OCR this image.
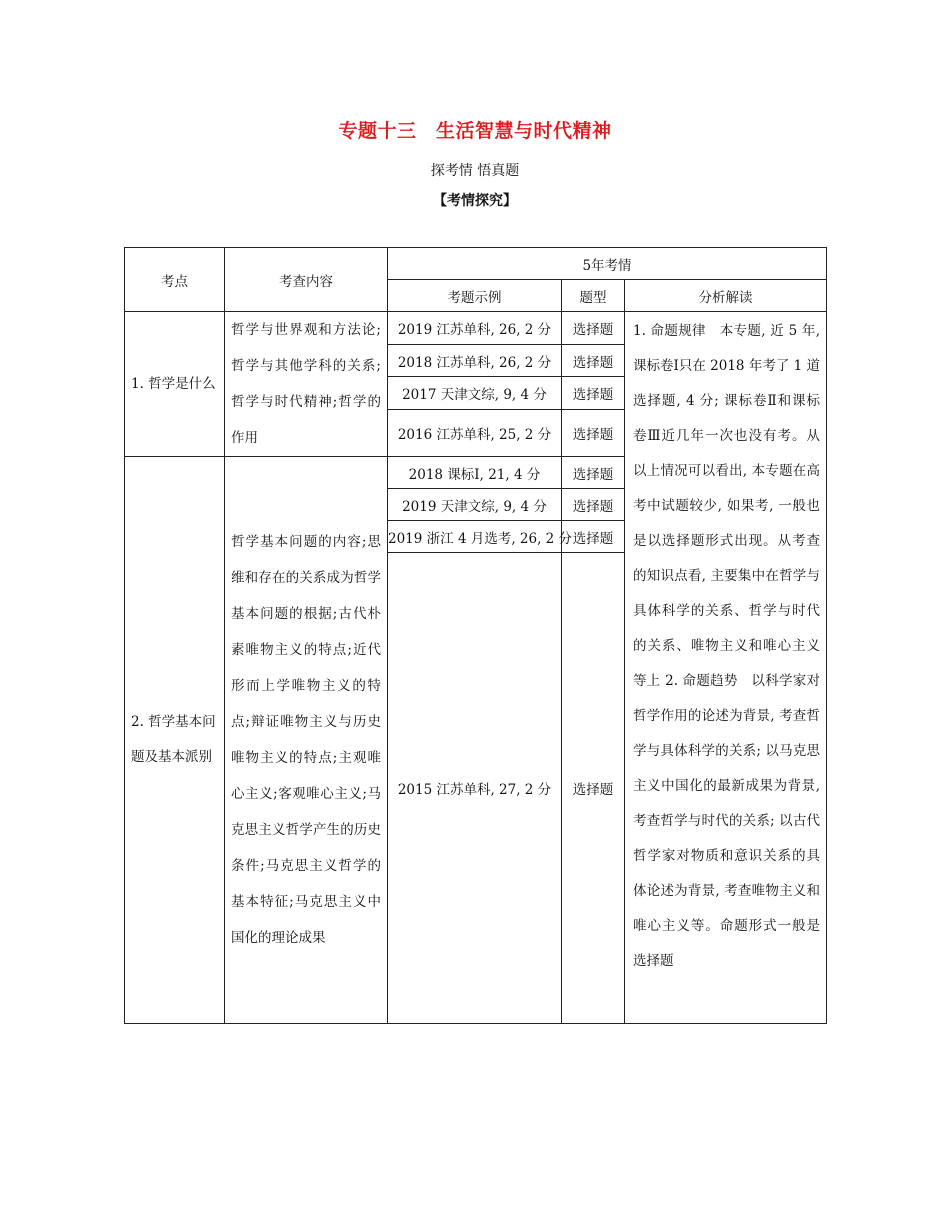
专题十三　生活智慧与时代精神
探考情 悟真题
【考情探究】
考点	考查内容	5年考情		
		考题示例	题型	分析解读
1. 哲学是什么	哲学与世界观和方法论;哲学与其他学科的关系;哲学与时代精神;哲学的作用	2019 江苏单科, 26, 2 分	选择题	1. 命题规律　本专题, 近 5 年, 课标卷Ⅰ只在 2018 年考了 1 道选择题, 4 分; 课标卷Ⅱ和课标卷Ⅲ近几年一次也没有考。从以上情况可以看出, 本专题在高考中试题较少, 如果考, 一般也是以选择题形式出现。从考查的知识点看, 主要集中在哲学与具体科学的关系、哲学与时代的关系、唯物主义和唯心主义等上 2. 命题趋势　以科学家对哲学作用的论述为背景, 考查哲学与具体科学的关系; 以马克思主义中国化的最新成果为背景, 考查哲学与时代的关系; 以古代哲学家对物质和意识关系的具体论述为背景, 考查唯物主义和唯心主义等。命题形式一般是选择题
		2018 江苏单科, 26, 2 分	选择题	
		2017 天津文综, 9, 4 分	选择题	
		2016 江苏单科, 25, 2 分	选择题	
2. 哲学基本问题及基本派别	哲学基本问题的内容;思维和存在的关系成为哲学基本问题的根据;古代朴素唯物主义的特点;近代形而上学唯物主义的特点;辩证唯物主义与历史唯物主义的特点;主观唯心主义;客观唯心主义;马克思主义哲学产生的历史条件;马克思主义哲学的基本特征;马克思主义中国化的理论成果	2018 课标Ⅰ, 21, 4 分	选择题	
		2019 天津文综, 9, 4 分	选择题	
		2019 浙江 4 月选考, 26, 2 分	选择题	
		2015 江苏单科, 27, 2 分	选择题	
